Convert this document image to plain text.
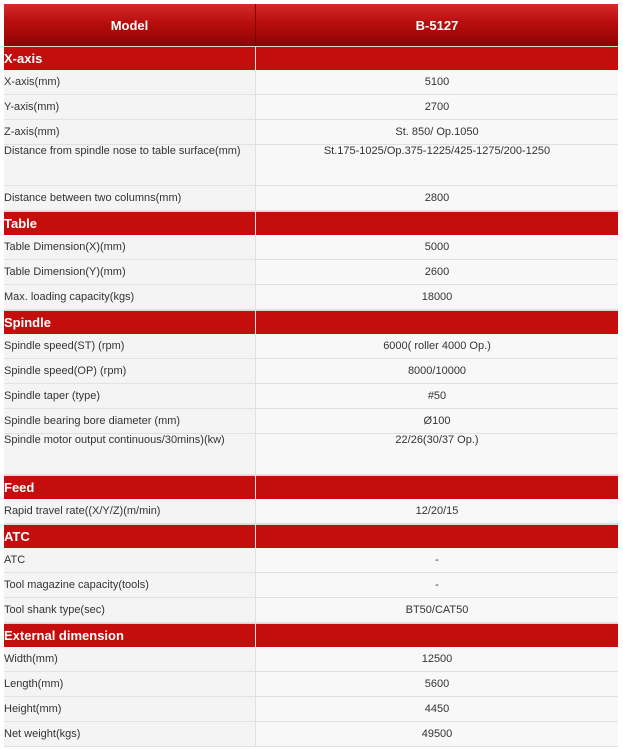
Model	B-5127
X-axis	
X-axis(mm)	5100
Y-axis(mm)	2700
Z-axis(mm)	St. 850/ Op.1050
Distance from spindle nose to table surface(mm)	St.175-1025/Op.375-1225/425-1275/200-1250
Distance between two columns(mm)	2800
Table	
Table Dimension(X)(mm)	5000
Table Dimension(Y)(mm)	2600
Max. loading capacity(kgs)	18000
Spindle	
Spindle speed(ST) (rpm)	6000( roller 4000 Op.)
Spindle speed(OP) (rpm)	8000/10000
Spindle taper (type)	#50
Spindle bearing bore diameter (mm)	Ø100
Spindle motor output continuous/30mins)(kw)	22/26(30/37 Op.)
Feed	
Rapid travel rate((X/Y/Z)(m/min)	12/20/15
ATC	
ATC	-
Tool magazine capacity(tools)	-
Tool shank type(sec)	BT50/CAT50
External dimension	
Width(mm)	12500
Length(mm)	5600
Height(mm)	4450
Net weight(kgs)	49500
